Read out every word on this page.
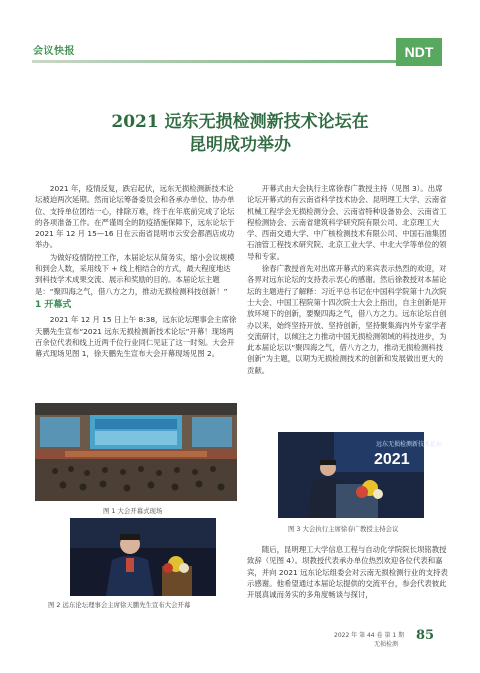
会议快报	NDT
2021 远东无损检测新技术论坛在
昆明成功举办

2021 年，疫情反复，跌宕起伏，远东无损检测新技术论坛被迫两次延期。然而论坛筹备委员会和各承办单位、协办单位、支持单位团结一心，排除万难，终于在年底前完成了论坛的各项准备工作。在严谨周全的防疫措施保障下，远东论坛于 2021 年 12 月 15—16 日在云南省昆明市云安会都酒店成功举办。

为做好疫情防控工作，本届论坛从简务实，缩小会议规模和到会人数，采用线下 + 线上相结合的方式，最大程度地达到科技学术成果交流、展示和奖励的目的。本届论坛主题是：“聚四海之气，借八方之力，推动无损检测科技创新！”

1 开幕式

2021 年 12 月 15 日上午 8:38，远东论坛理事会主席徐天鹏先生宣布“2021 远东无损检测新技术论坛”开幕！现场两百余位代表和线上近两千位行业同仁见证了这一时刻。大会开幕式现场见图 1，徐天鹏先生宣布大会开幕现场见图 2。

图 1 大会开幕式现场
图 2 远东论坛理事会主席徐天鹏先生宣布大会开幕

开幕式由大会执行主席徐春广教授主持（见图 3）。出席论坛开幕式的有云南省科学技术协会、昆明理工大学、云南省机械工程学会无损检测分会、云南省特种设备协会、云南省工程检测协会、云南省建筑科学研究院有限公司、北京理工大学、西南交通大学、中广核检测技术有限公司、中国石油集团石油管工程技术研究院、北京工业大学、中北大学等单位的领导和专家。

徐春广教授首先对出席开幕式的来宾表示热烈的欢迎，对各界对远东论坛的支持表示衷心的感谢。然后徐教授对本届论坛的主题进行了解释：习近平总书记在中国科学院第十九次院士大会、中国工程院第十四次院士大会上指出，自主创新是开放环境下的创新，要聚四海之气，借八方之力。远东论坛自创办以来，始终坚持开放、坚持创新，坚持聚集海内外专家学者交流研讨，以倾注之力推动中国无损检测领域的科技进步，为此本届论坛以“聚四海之气，借八方之力，推动无损检测科技创新”为主题，以期为无损检测技术的创新和发展做出更大的贡献。

远东无损检测新技术论坛
2021
图 3 大会执行主席徐春广教授主持会议

随后，昆明理工大学信息工程与自动化学院院长坝铭教授致辞（见图 4）。坝教授代表承办单位热烈欢迎各位代表和嘉宾，并向 2021 远东论坛组委会对云南无损检测行业的支持表示感谢。他希望通过本届论坛提供的交流平台，参会代表彼此开展真诚而务实的多角度畅谈与探讨，

2022 年 第 44 卷 第 1 期
无损检测
85
